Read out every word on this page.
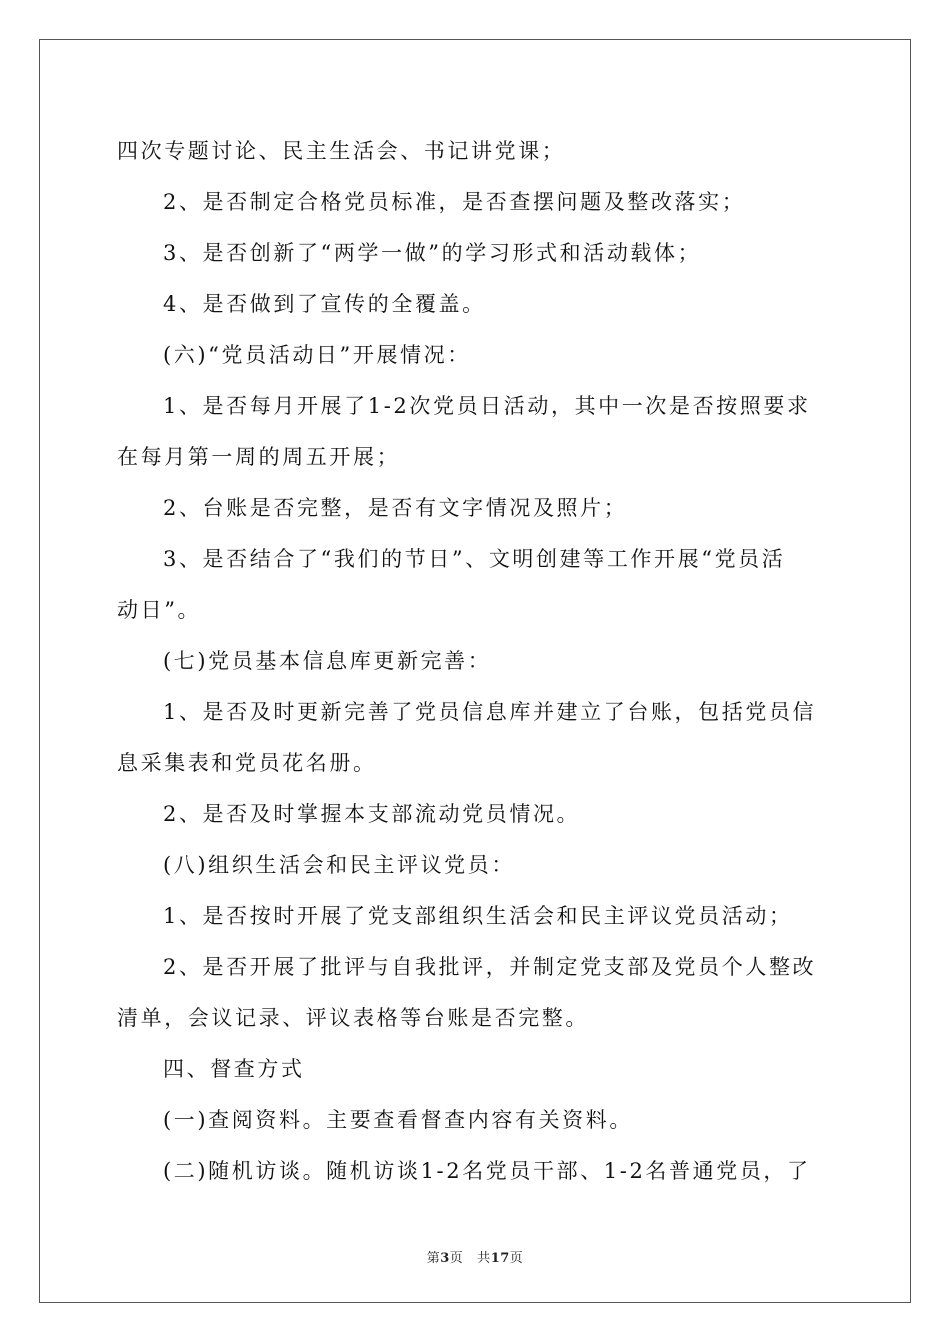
四次专题讨论、民主生活会、书记讲党课；
2、是否制定合格党员标准，是否查摆问题及整改落实；
3、是否创新了“两学一做”的学习形式和活动载体；
4、是否做到了宣传的全覆盖。
(六)“党员活动日”开展情况：
1、是否每月开展了1-2次党员日活动，其中一次是否按照要求
在每月第一周的周五开展；
2、台账是否完整，是否有文字情况及照片；
3、是否结合了“我们的节日”、文明创建等工作开展“党员活
动日”。
(七)党员基本信息库更新完善：
1、是否及时更新完善了党员信息库并建立了台账，包括党员信
息采集表和党员花名册。
2、是否及时掌握本支部流动党员情况。
(八)组织生活会和民主评议党员：
1、是否按时开展了党支部组织生活会和民主评议党员活动；
2、是否开展了批评与自我批评，并制定党支部及党员个人整改
清单，会议记录、评议表格等台账是否完整。
四、督查方式
(一)查阅资料。主要查看督查内容有关资料。
(二)随机访谈。随机访谈1-2名党员干部、1-2名普通党员，了
第3页 共17页
